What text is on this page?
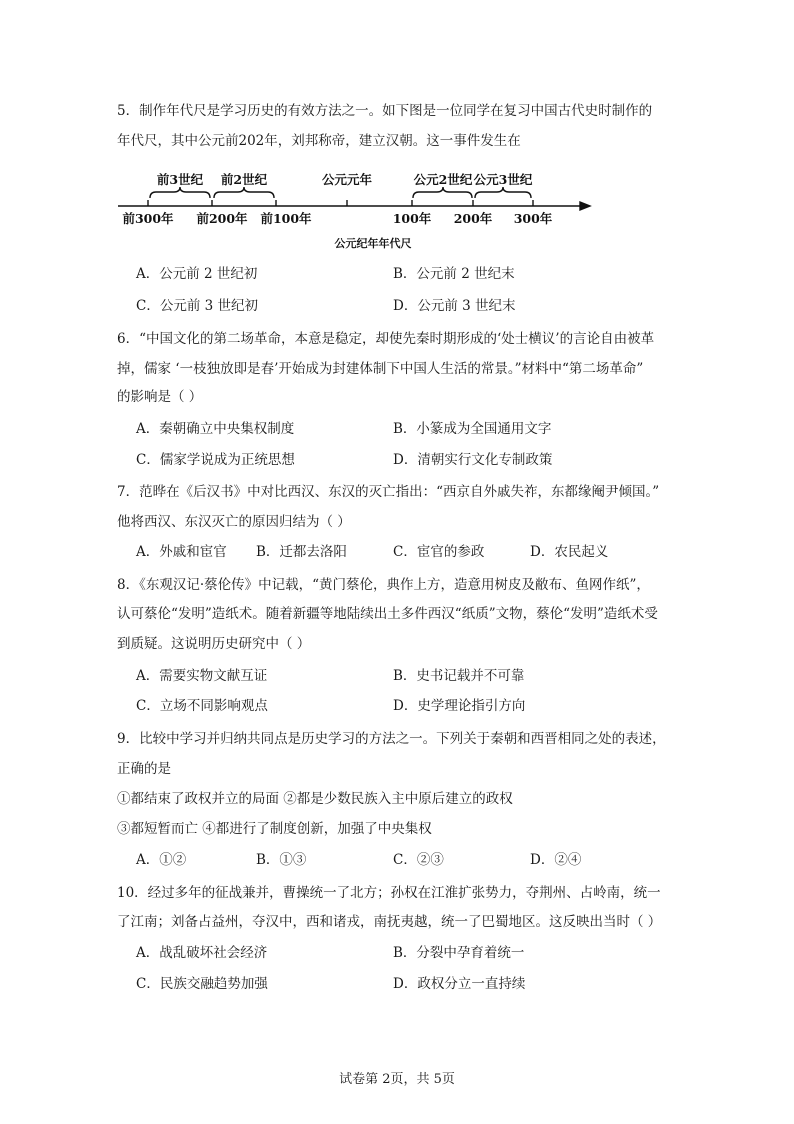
5．制作年代尺是学习历史的有效方法之一。如下图是一位同学在复习中国古代史时制作的
年代尺，其中公元前202年，刘邦称帝，建立汉朝。这一事件发生在
前3世纪 前2世纪	公元元年	公元2世纪 公元3世纪
前300年 前200年 前100年	100年 200年 300年
公元纪年年代尺
A．公元前 2 世纪初	B．公元前 2 世纪末
C．公元前 3 世纪初	D．公元前 3 世纪末
6．“中国文化的第二场革命，本意是稳定，却使先秦时期形成的‘处士横议’的言论自由被革
掉，儒家 ‘一枝独放即是春’开始成为封建体制下中国人生活的常景。”材料中“第二场革命”
的影响是（ ）
A．秦朝确立中央集权制度	B．小篆成为全国通用文字
C．儒家学说成为正统思想	D．清朝实行文化专制政策
7．范晔在《后汉书》中对比西汉、东汉的灭亡指出：“西京自外戚失祚，东都缘阉尹倾国。”
他将西汉、东汉灭亡的原因归结为（ ）
A．外戚和宦官 B．迁都去洛阳	C．宦官的参政	D．农民起义
8．《东观汉记·蔡伦传》中记载，“黄门蔡伦，典作上方，造意用树皮及敝布、鱼网作纸”，
认可蔡伦“发明”造纸术。随着新疆等地陆续出土多件西汉“纸质”文物，蔡伦“发明”造纸术受
到质疑。这说明历史研究中（ ）
A．需要实物文献互证	B．史书记载并不可靠
C．立场不同影响观点	D．史学理论指引方向
9．比较中学习并归纳共同点是历史学习的方法之一。下列关于秦朝和西晋相同之处的表述，
正确的是
①都结束了政权并立的局面 ②都是少数民族入主中原后建立的政权
③都短暂而亡 ④都进行了制度创新，加强了中央集权
A．①②	B．①③	C．②③	D．②④
10．经过多年的征战兼并，曹操统一了北方；孙权在江淮扩张势力，夺荆州、占岭南，统一
了江南；刘备占益州，夺汉中，西和诸戎，南抚夷越，统一了巴蜀地区。这反映出当时（ ）
A．战乱破坏社会经济	B．分裂中孕育着统一
C．民族交融趋势加强	D．政权分立一直持续
试卷第 2页，共 5页
